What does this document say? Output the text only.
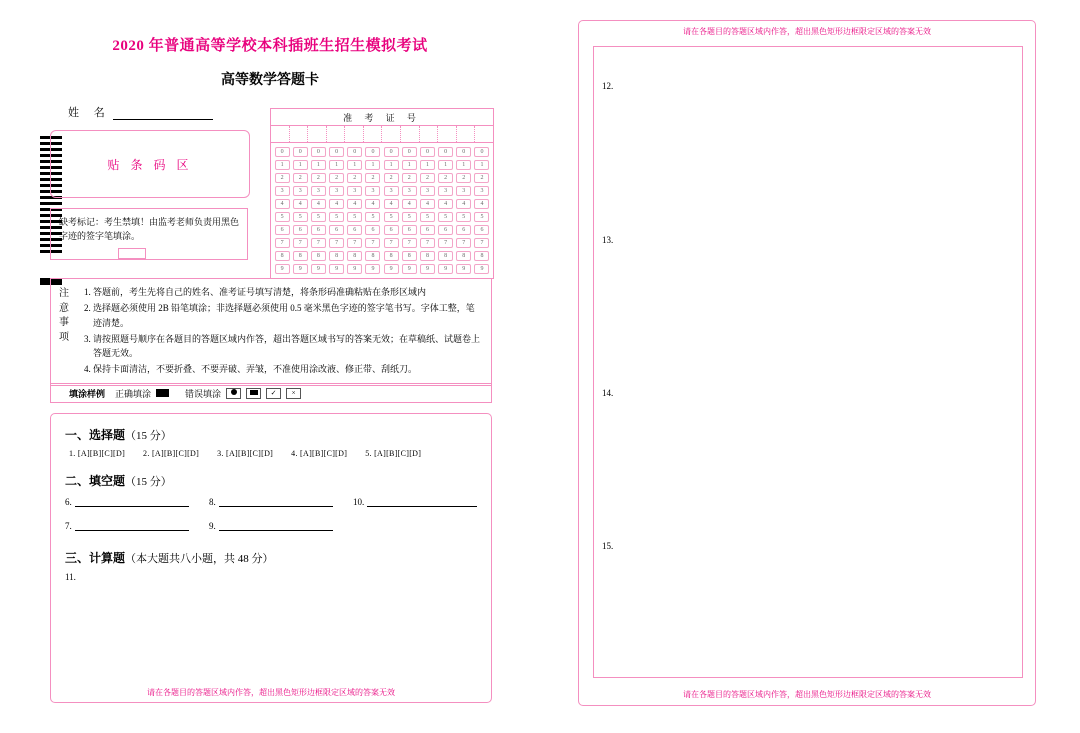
2020 年普通高等学校本科插班生招生模拟考试
高等数学答题卡
姓 名
贴 条 码 区
缺考标记：考生禁填！由监考老师负责用黑色字迹的签字笔填涂。
准 考 证 号
0	0	0	0	0	0	0	0	0	0	0	0
1	1	1	1	1	1	1	1	1	1	1	1
2	2	2	2	2	2	2	2	2	2	2	2
3	3	3	3	3	3	3	3	3	3	3	3
4	4	4	4	4	4	4	4	4	4	4	4
5	5	5	5	5	5	5	5	5	5	5	5
6	6	6	6	6	6	6	6	6	6	6	6
7	7	7	7	7	7	7	7	7	7	7	7
8	8	8	8	8	8	8	8	8	8	8	8
9	9	9	9	9	9	9	9	9	9	9	9
注
意
事
项
1. 答题前，考生先将自己的姓名、准考证号填写清楚，将条形码准确粘贴在条形区域内
2. 选择题必须使用 2B 铅笔填涂；非选择题必须使用 0.5 毫米黑色字迹的签字笔书写。字体工整，笔迹清楚。
3. 请按照题号顺序在各题目的答题区域内作答，超出答题区域书写的答案无效；在草稿纸、试题卷上答题无效。
4. 保持卡面清洁，不要折叠、不要弄破、弄皱，不准使用涂改液、修正带、刮纸刀。
填涂样例	正确填涂	错误填涂	✓	×
一、选择题（15 分）
1. [A][B][C][D] 2. [A][B][C][D] 3. [A][B][C][D] 4. [A][B][C][D] 5. [A][B][C][D]
二、填空题（15 分）
6.	8.	10.
7.	9.
三、计算题（本大题共八小题，共 48 分）
11.
请在各题目的答题区域内作答，超出黑色矩形边框限定区域的答案无效
请在各题目的答题区域内作答，超出黑色矩形边框限定区域的答案无效
12.
13.
14.
15.
请在各题目的答题区域内作答，超出黑色矩形边框限定区域的答案无效
